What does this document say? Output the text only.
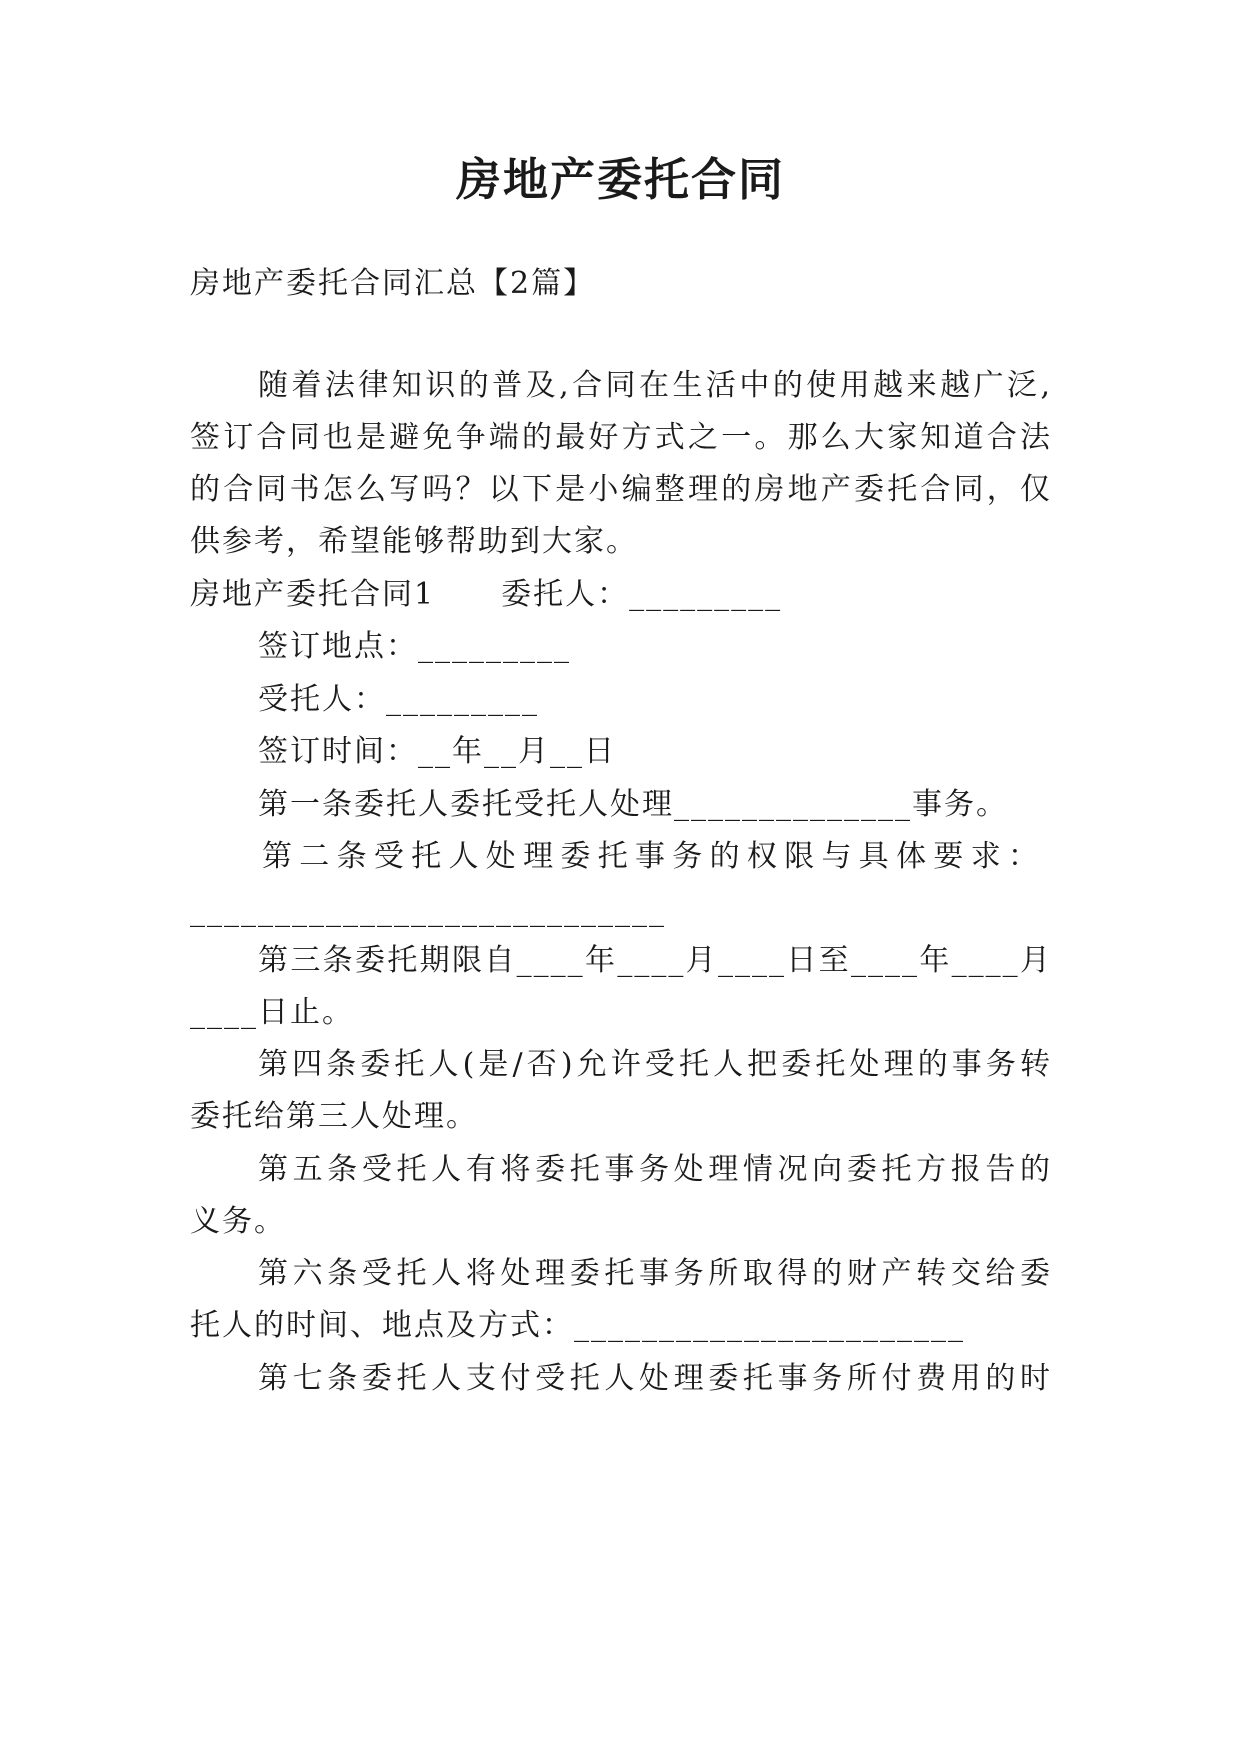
房地产委托合同
房地产委托合同汇总【2篇】
随着法律知识的普及,合同在生活中的使用越来越广泛,
签订合同也是避免争端的最好方式之一。那么大家知道合法
的合同书怎么写吗？以下是小编整理的房地产委托合同，仅
供参考，希望能够帮助到大家。
房地产委托合同1 委托人：_________
签订地点：_________
受托人：_________
签订时间：__年__月__日
第一条委托人委托受托人处理______________事务。
第二条受托人处理委托事务的权限与具体要求：
____________________________
第三条委托期限自____年____月____日至____年____月
____日止。
第四条委托人(是/否)允许受托人把委托处理的事务转
委托给第三人处理。
第五条受托人有将委托事务处理情况向委托方报告的
义务。
第六条受托人将处理委托事务所取得的财产转交给委
托人的时间、地点及方式：_______________________
第七条委托人支付受托人处理委托事务所付费用的时
